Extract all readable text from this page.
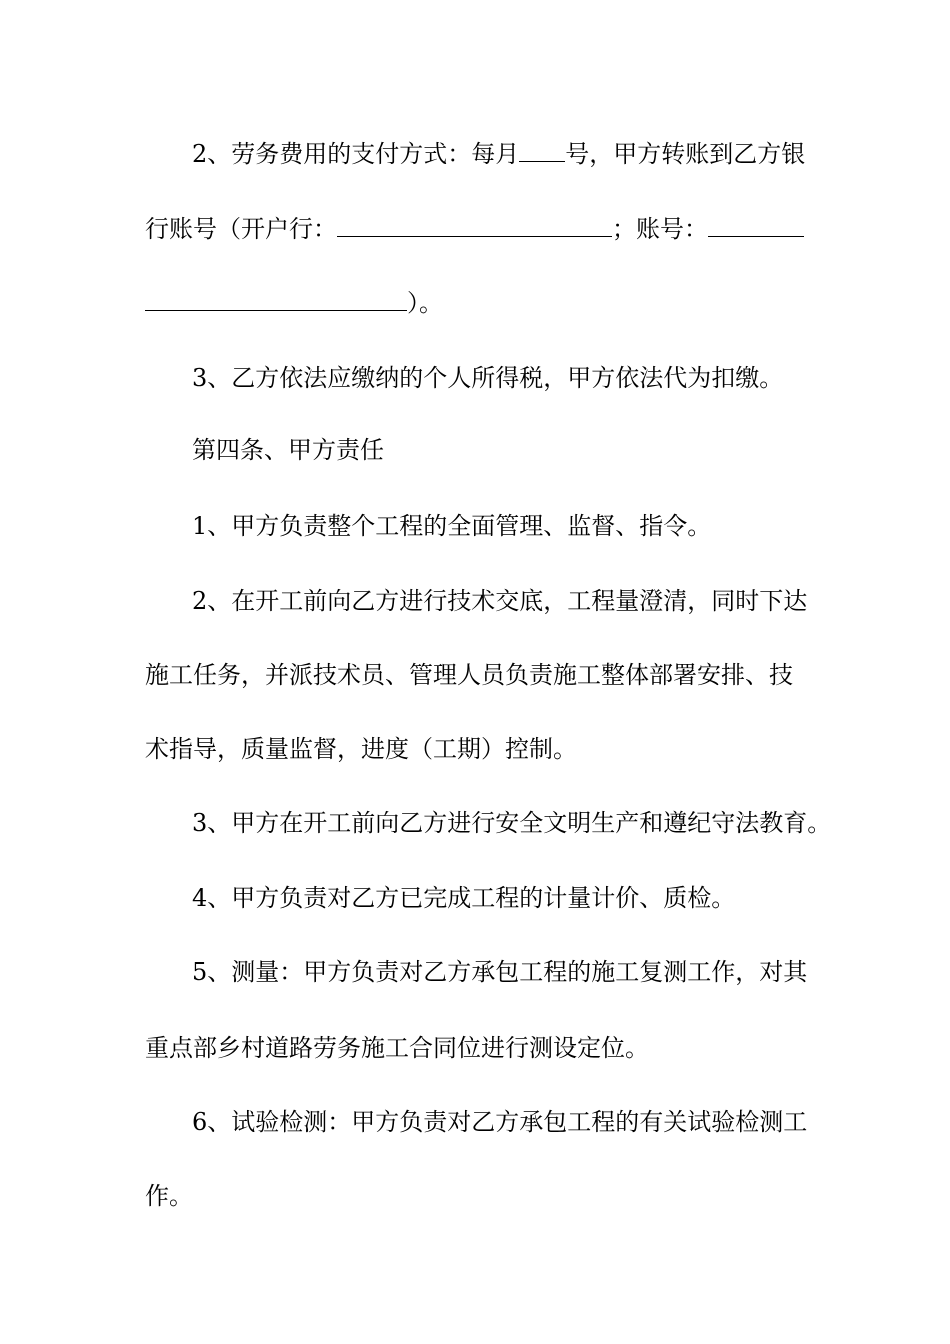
2、劳务费用的支付方式：每月 号，甲方转账到乙方银
行账号（开户行：	；账号：
）。
3、乙方依法应缴纳的个人所得税，甲方依法代为扣缴。
第四条、甲方责任
1、甲方负责整个工程的全面管理、监督、指令。
2、在开工前向乙方进行技术交底，工程量澄清，同时下达
施工任务，并派技术员、管理人员负责施工整体部署安排、技
术指导，质量监督，进度（工期）控制。
3、甲方在开工前向乙方进行安全文明生产和遵纪守法教育。
4、甲方负责对乙方已完成工程的计量计价、质检。
5、测量：甲方负责对乙方承包工程的施工复测工作，对其
重点部乡村道路劳务施工合同位进行测设定位。
6、试验检测：甲方负责对乙方承包工程的有关试验检测工
作。
